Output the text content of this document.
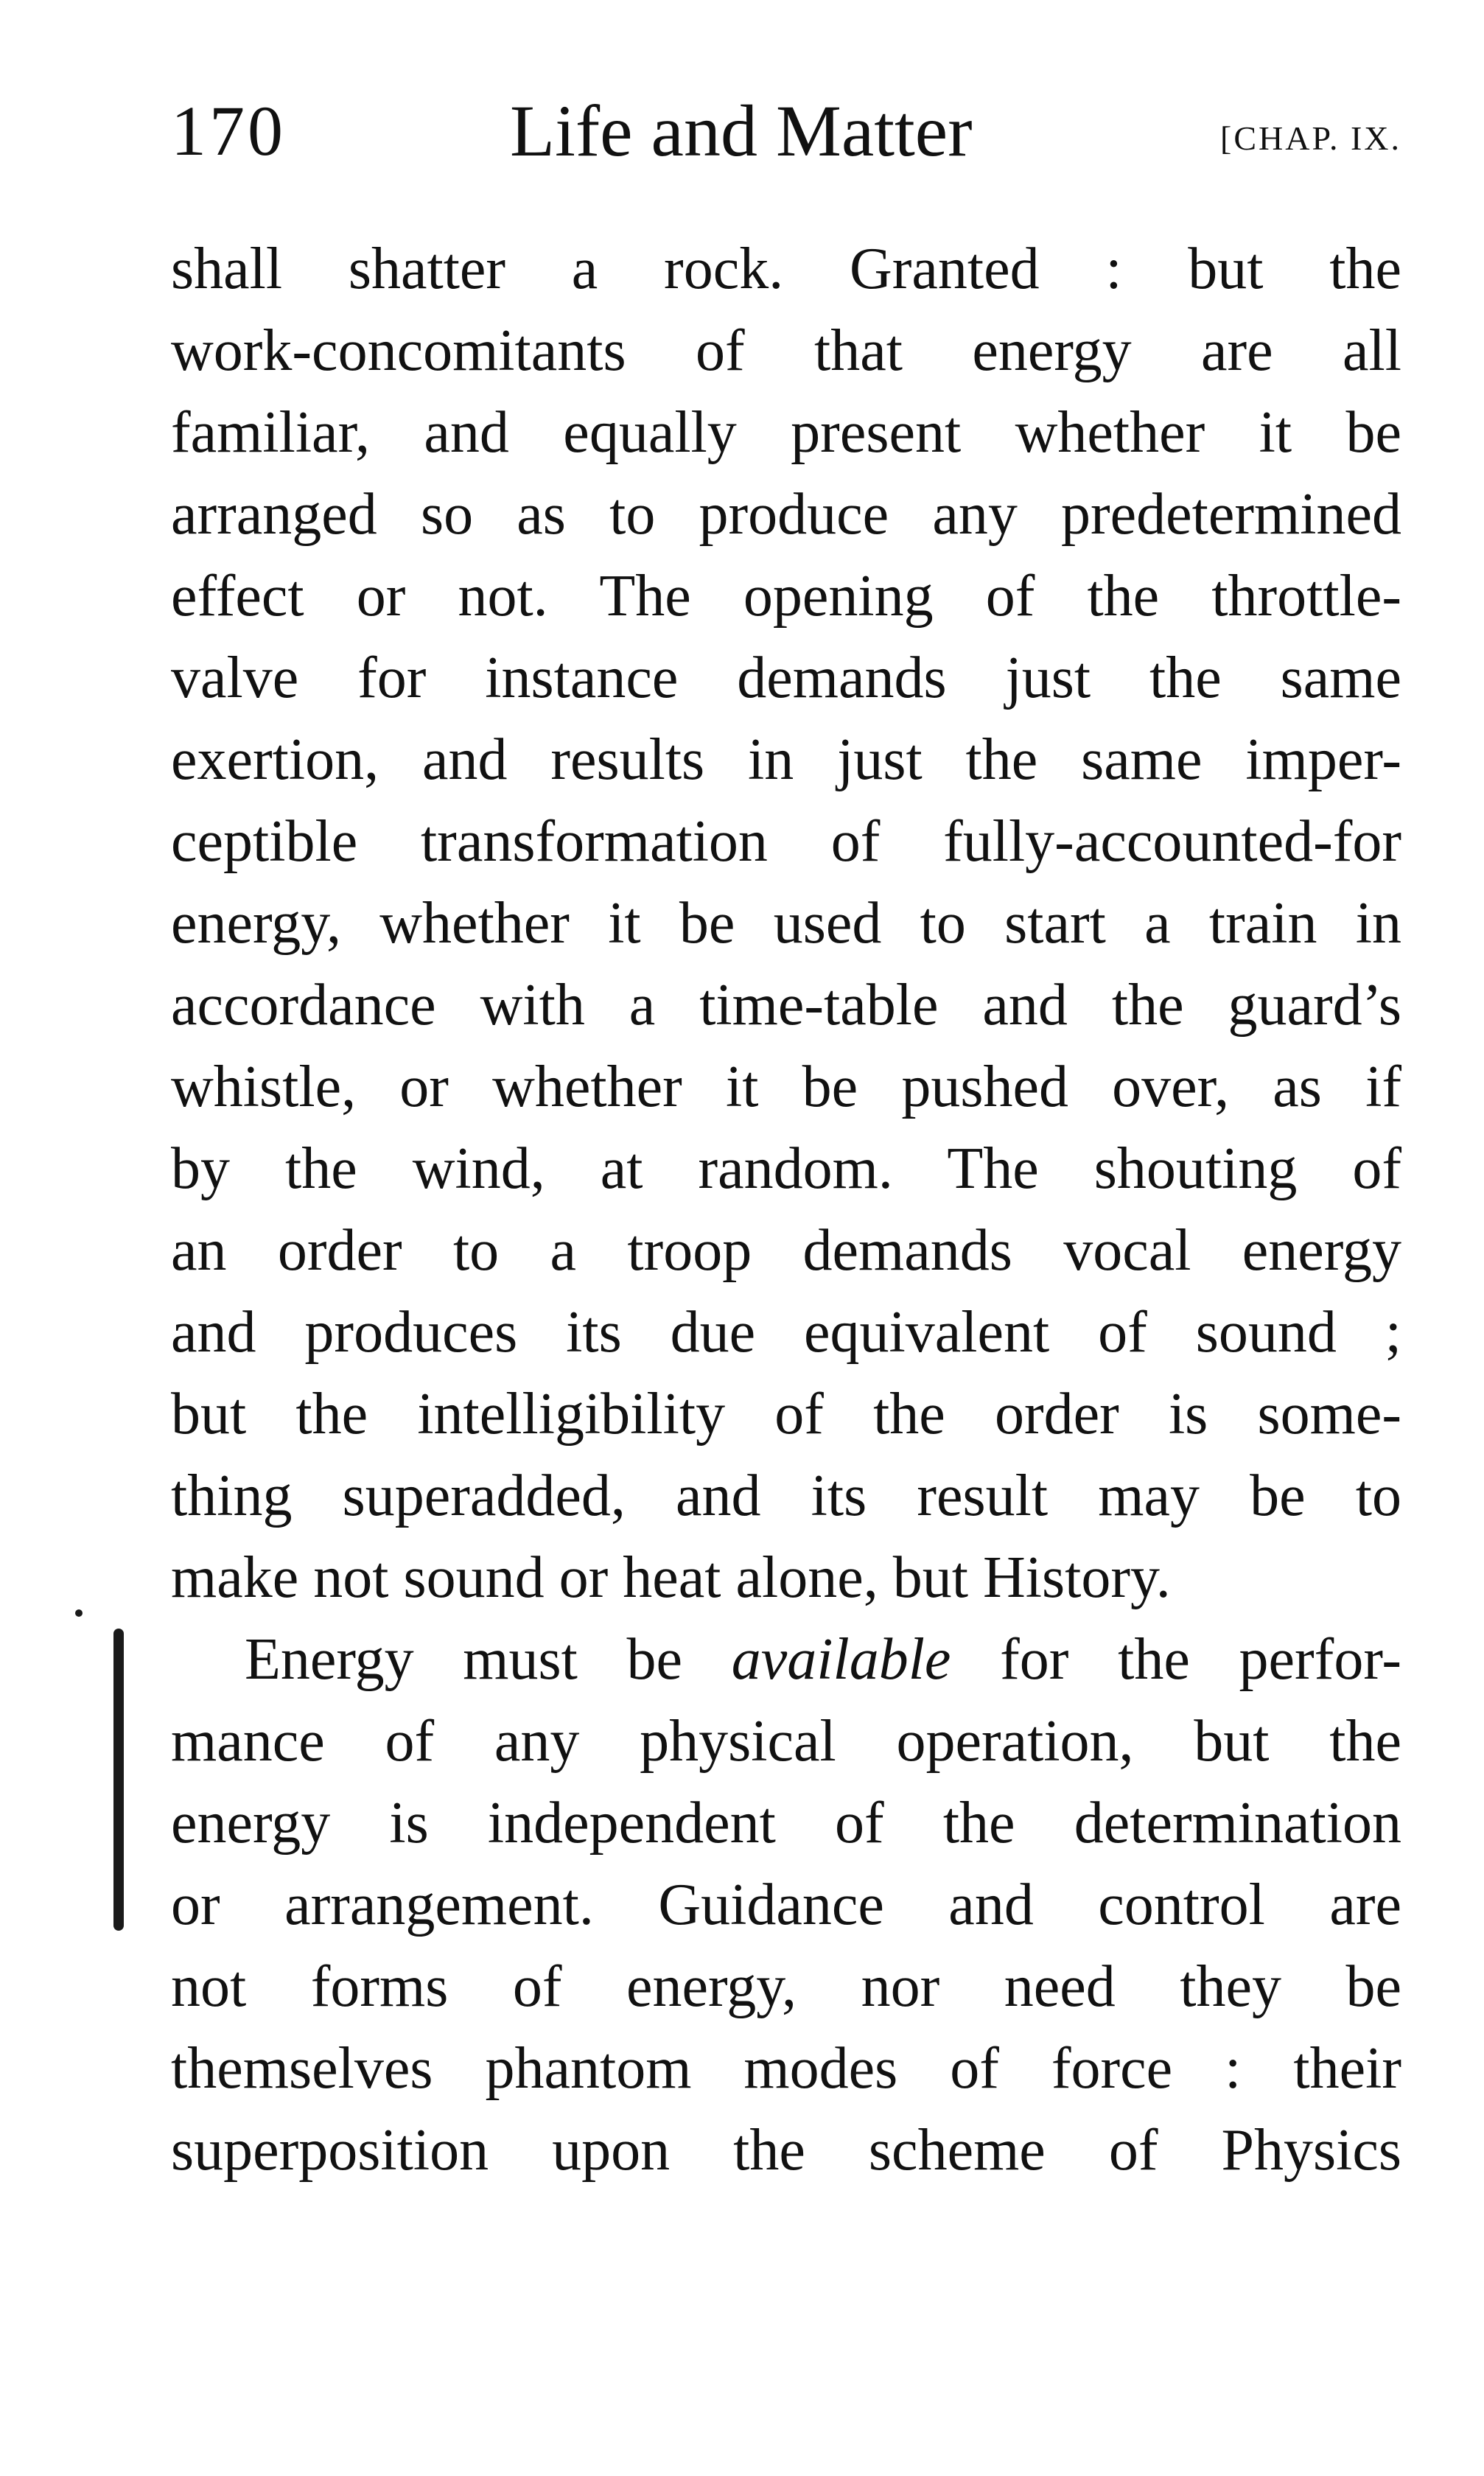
170	Life and Matter	[CHAP. IX.
shall shatter a rock. Granted : but the
work-concomitants of that energy are all
familiar, and equally present whether it be
arranged so as to produce any predetermined
effect or not. The opening of the throttle-
valve for instance demands just the same
exertion, and results in just the same imper-
ceptible transformation of fully-accounted-for
energy, whether it be used to start a train in
accordance with a time-table and the guard’s
whistle, or whether it be pushed over, as if
by the wind, at random. The shouting of
an order to a troop demands vocal energy
and produces its due equivalent of sound ;
but the intelligibility of the order is some-
thing superadded, and its result may be to
make not sound or heat alone, but History.
Energy must be available for the perfor-
mance of any physical operation, but the
energy is independent of the determination
or arrangement. Guidance and control are
not forms of energy, nor need they be
themselves phantom modes of force : their
superposition upon the scheme of Physics
